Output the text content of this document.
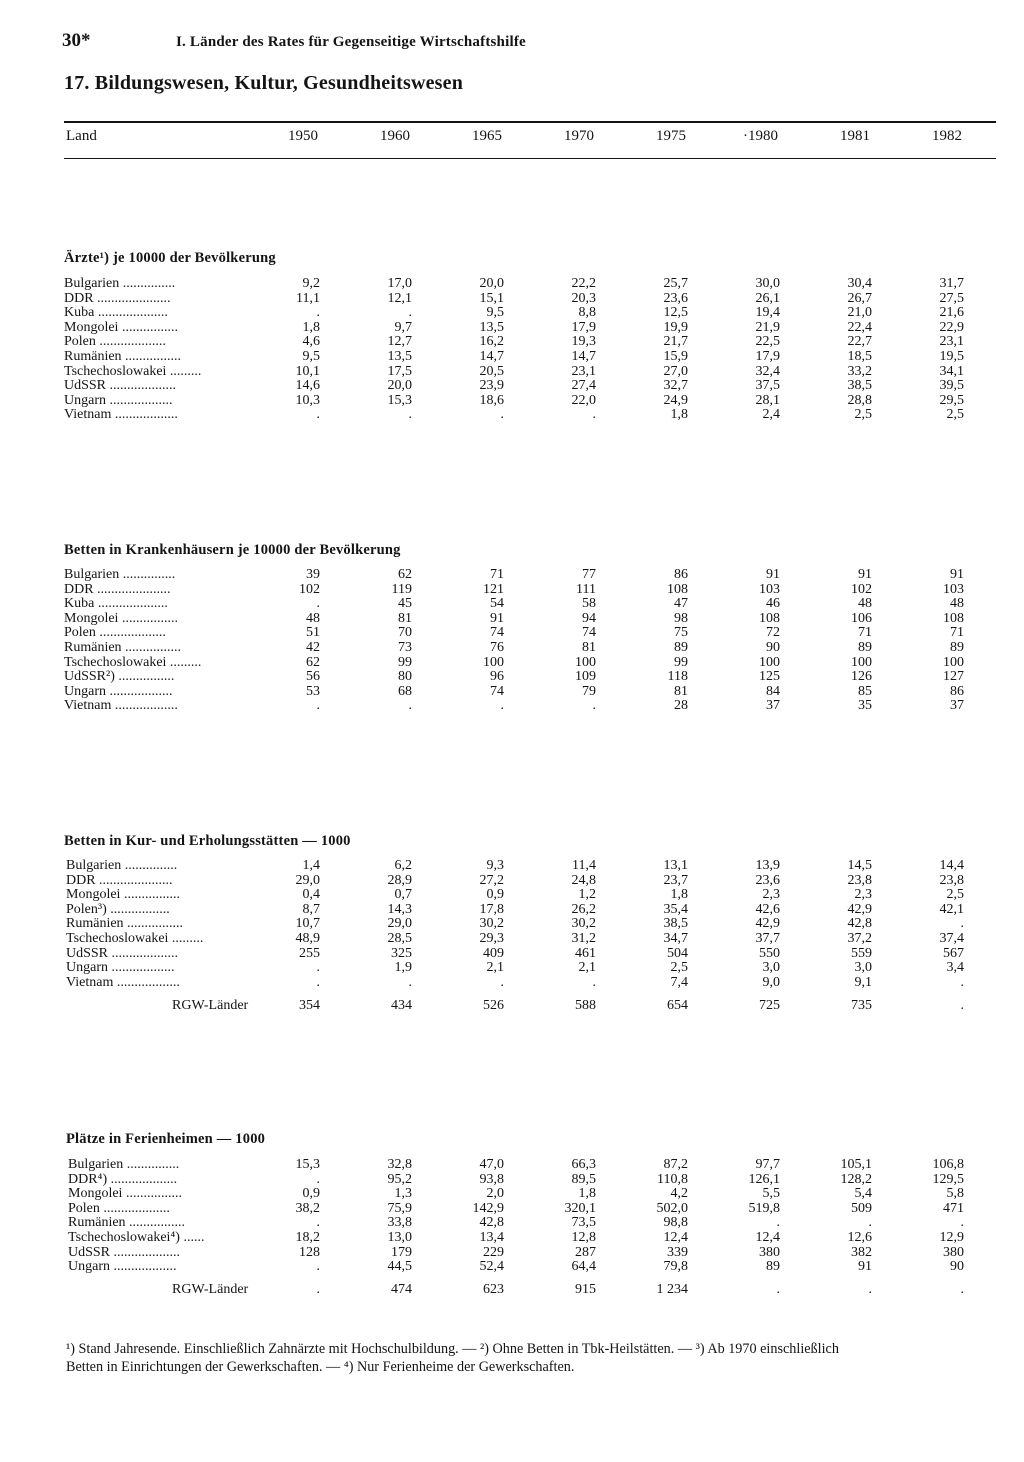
30*	I. Länder des Rates für Gegenseitige Wirtschaftshilfe
17. Bildungswesen, Kultur, Gesundheitswesen
Land	1950	1960	1965	1970	1975	·1980	1981	1982
Ärzte¹) je 10000 der Bevölkerung
Betten in Krankenhäusern je 10000 der Bevölkerung
Betten in Kur- und Erholungsstätten — 1000
Plätze in Ferienheimen — 1000
Bulgarien ...............	9,2	17,0	20,0	22,2	25,7	30,0	30,4	31,7
DDR .....................	11,1	12,1	15,1	20,3	23,6	26,1	26,7	27,5
Kuba ....................	.	.	9,5	8,8	12,5	19,4	21,0	21,6
Mongolei ................	1,8	9,7	13,5	17,9	19,9	21,9	22,4	22,9
Polen ...................	4,6	12,7	16,2	19,3	21,7	22,5	22,7	23,1
Rumänien ................	9,5	13,5	14,7	14,7	15,9	17,9	18,5	19,5
Tschechoslowakei .........	10,1	17,5	20,5	23,1	27,0	32,4	33,2	34,1
UdSSR ...................	14,6	20,0	23,9	27,4	32,7	37,5	38,5	39,5
Ungarn ..................	10,3	15,3	18,6	22,0	24,9	28,1	28,8	29,5
Vietnam ..................	.	.	.	.	1,8	2,4	2,5	2,5
Bulgarien ...............	39	62	71	77	86	91	91	91
DDR .....................	102	119	121	111	108	103	102	103
Kuba ....................	.	45	54	58	47	46	48	48
Mongolei ................	48	81	91	94	98	108	106	108
Polen ...................	51	70	74	74	75	72	71	71
Rumänien ................	42	73	76	81	89	90	89	89
Tschechoslowakei .........	62	99	100	100	99	100	100	100
UdSSR²) ................	56	80	96	109	118	125	126	127
Ungarn ..................	53	68	74	79	81	84	85	86
Vietnam ..................	.	.	.	.	28	37	35	37
Bulgarien ...............	1,4	6,2	9,3	11,4	13,1	13,9	14,5	14,4
DDR .....................	29,0	28,9	27,2	24,8	23,7	23,6	23,8	23,8
Mongolei ................	0,4	0,7	0,9	1,2	1,8	2,3	2,3	2,5
Polen³) .................	8,7	14,3	17,8	26,2	35,4	42,6	42,9	42,1
Rumänien ................	10,7	29,0	30,2	30,2	38,5	42,9	42,8	.
Tschechoslowakei .........	48,9	28,5	29,3	31,2	34,7	37,7	37,2	37,4
UdSSR ...................	255	325	409	461	504	550	559	567
Ungarn ..................	.	1,9	2,1	2,1	2,5	3,0	3,0	3,4
Vietnam ..................	.	.	.	.	7,4	9,0	9,1	.
RGW-Länder	354	434	526	588	654	725	735	.
Bulgarien ...............	15,3	32,8	47,0	66,3	87,2	97,7	105,1	106,8
DDR⁴) ...................	.	95,2	93,8	89,5	110,8	126,1	128,2	129,5
Mongolei ................	0,9	1,3	2,0	1,8	4,2	5,5	5,4	5,8
Polen ...................	38,2	75,9	142,9	320,1	502,0	519,8	509	471
Rumänien ................	.	33,8	42,8	73,5	98,8	.	.	.
Tschechoslowakei⁴) ......	18,2	13,0	13,4	12,8	12,4	12,4	12,6	12,9
UdSSR ...................	128	179	229	287	339	380	382	380
Ungarn ..................	.	44,5	52,4	64,4	79,8	89	91	90
RGW-Länder	.	474	623	915	1 234	.	.	.
¹) Stand Jahresende. Einschließlich Zahnärzte mit Hochschulbildung. — ²) Ohne Betten in Tbk-Heilstätten. — ³) Ab 1970 einschließlich
Betten in Einrichtungen der Gewerkschaften. — ⁴) Nur Ferienheime der Gewerkschaften.
